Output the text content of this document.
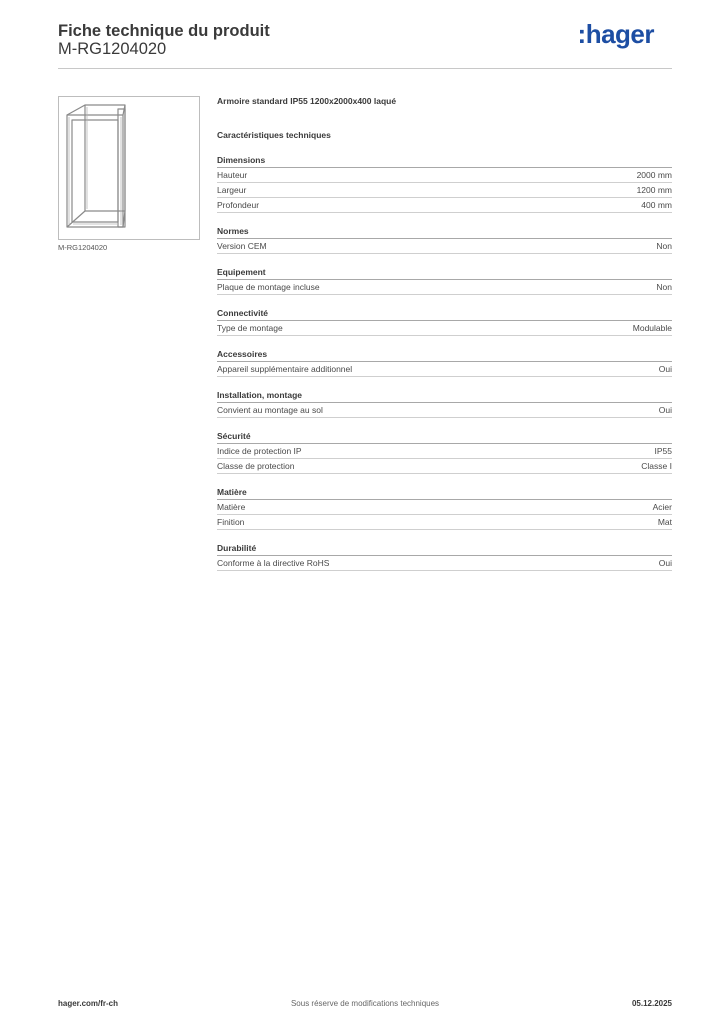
Fiche technique du produit
M-RG1204020	:hager
M-RG1204020
Armoire standard IP55 1200x2000x400 laqué
Caractéristiques techniques
Dimensions
Hauteur	2000 mm
Largeur	1200 mm
Profondeur	400 mm
Normes
Version CEM	Non
Equipement
Plaque de montage incluse	Non
Connectivité
Type de montage	Modulable
Accessoires
Appareil supplémentaire additionnel	Oui
Installation, montage
Convient au montage au sol	Oui
Sécurité
Indice de protection IP	IP55
Classe de protection	Classe I
Matière
Matière	Acier
Finition	Mat
Durabilité
Conforme à la directive RoHS	Oui
hager.com/fr-ch	Sous réserve de modifications techniques	05.12.2025
